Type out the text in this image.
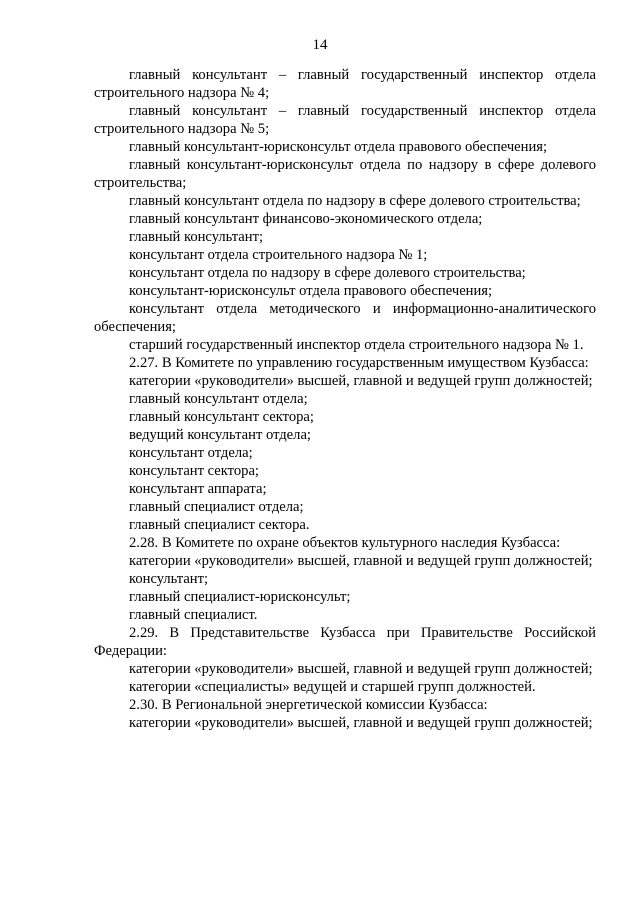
14

главный консультант – главный государственный инспектор отдела строительного надзора № 4;

главный консультант – главный государственный инспектор отдела строительного надзора № 5;

главный консультант-юрисконсульт отдела правового обеспечения;

главный консультант-юрисконсульт отдела по надзору в сфере долевого строительства;

главный консультант отдела по надзору в сфере долевого строительства;

главный консультант финансово-экономического отдела;

главный консультант;

консультант отдела строительного надзора № 1;

консультант отдела по надзору в сфере долевого строительства;

консультант-юрисконсульт отдела правового обеспечения;

консультант отдела методического и информационно-аналитического обеспечения;

старший государственный инспектор отдела строительного надзора № 1.

2.27. В Комитете по управлению государственным имуществом Кузбасса:

категории «руководители» высшей, главной и ведущей групп должностей;

главный консультант отдела;

главный консультант сектора;

ведущий консультант отдела;

консультант отдела;

консультант сектора;

консультант аппарата;

главный специалист отдела;

главный специалист сектора.

2.28. В Комитете по охране объектов культурного наследия Кузбасса:

категории «руководители» высшей, главной и ведущей групп должностей;

консультант;

главный специалист-юрисконсульт;

главный специалист.

2.29. В Представительстве Кузбасса при Правительстве Российской Федерации:

категории «руководители» высшей, главной и ведущей групп должностей;

категории «специалисты» ведущей и старшей групп должностей.

2.30. В Региональной энергетической комиссии Кузбасса:

категории «руководители» высшей, главной и ведущей групп должностей;
